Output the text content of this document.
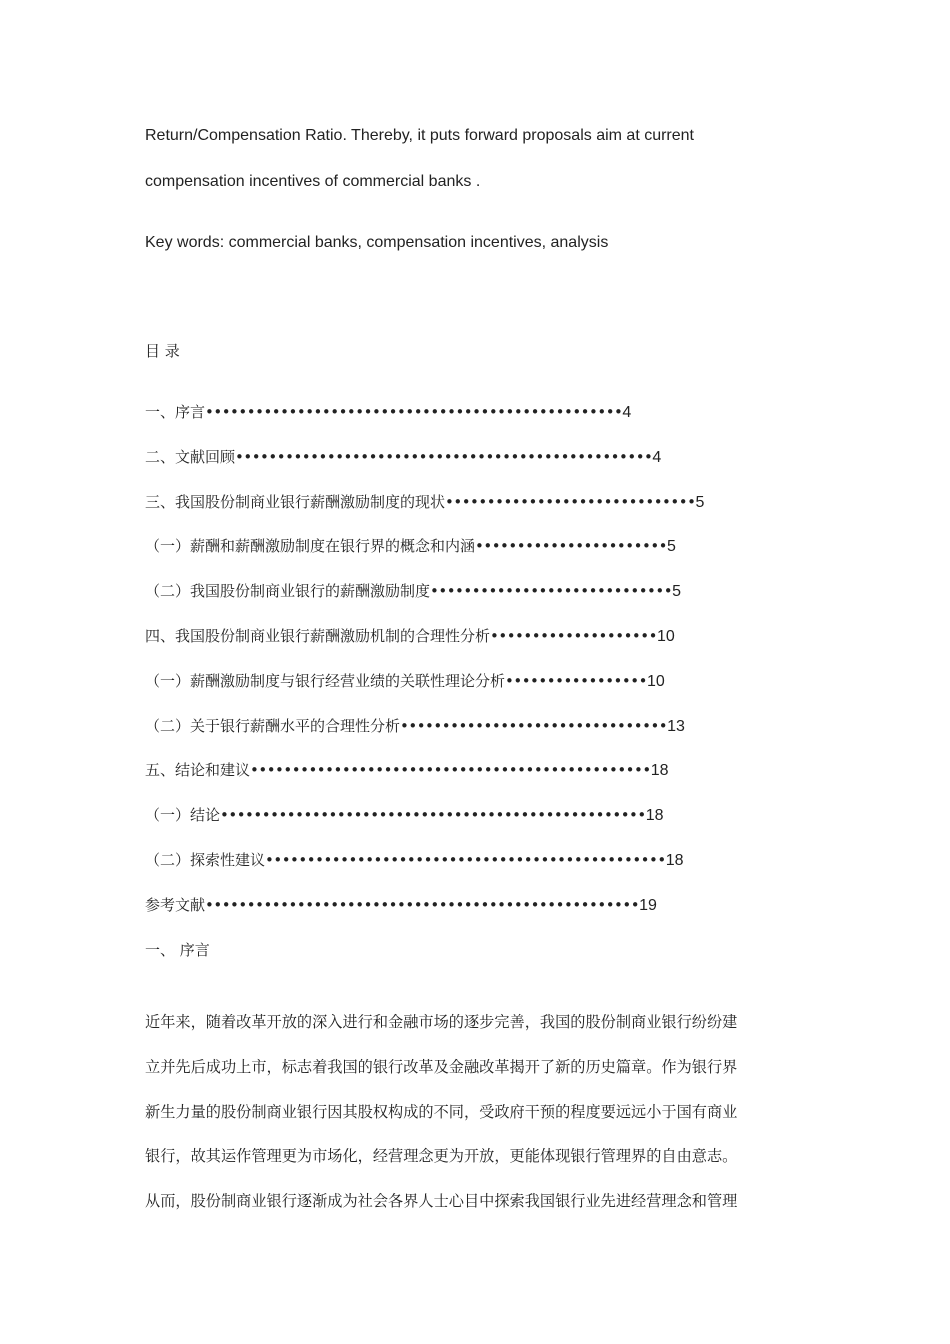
Return/Compensation Ratio. Thereby, it puts forward proposals aim at current

compensation incentives of commercial banks .

Key words: commercial banks, compensation incentives, analysis

目 录

一、序言••••••••••••••••••••••••••••••••••••••••••••••••••4

二、文献回顾••••••••••••••••••••••••••••••••••••••••••••••••••4

三、我国股份制商业银行薪酬激励制度的现状••••••••••••••••••••••••••••••5

（一）薪酬和薪酬激励制度在银行界的概念和内涵•••••••••••••••••••••••5

（二）我国股份制商业银行的薪酬激励制度•••••••••••••••••••••••••••••5

四、我国股份制商业银行薪酬激励机制的合理性分析••••••••••••••••••••10

（一）薪酬激励制度与银行经营业绩的关联性理论分析•••••••••••••••••10

（二）关于银行薪酬水平的合理性分析••••••••••••••••••••••••••••••••13

五、结论和建议••••••••••••••••••••••••••••••••••••••••••••••••18

（一）结论•••••••••••••••••••••••••••••••••••••••••••••••••••18

（二）探索性建议••••••••••••••••••••••••••••••••••••••••••••••••18

参考文献••••••••••••••••••••••••••••••••••••••••••••••••••••19

一、 序言

近年来，随着改革开放的深入进行和金融市场的逐步完善，我国的股份制商业银行纷纷建
立并先后成功上市，标志着我国的银行改革及金融改革揭开了新的历史篇章。作为银行界
新生力量的股份制商业银行因其股权构成的不同，受政府干预的程度要远远小于国有商业
银行，故其运作管理更为市场化，经营理念更为开放，更能体现银行管理界的自由意志。
从而，股份制商业银行逐渐成为社会各界人士心目中探索我国银行业先进经营理念和管理
